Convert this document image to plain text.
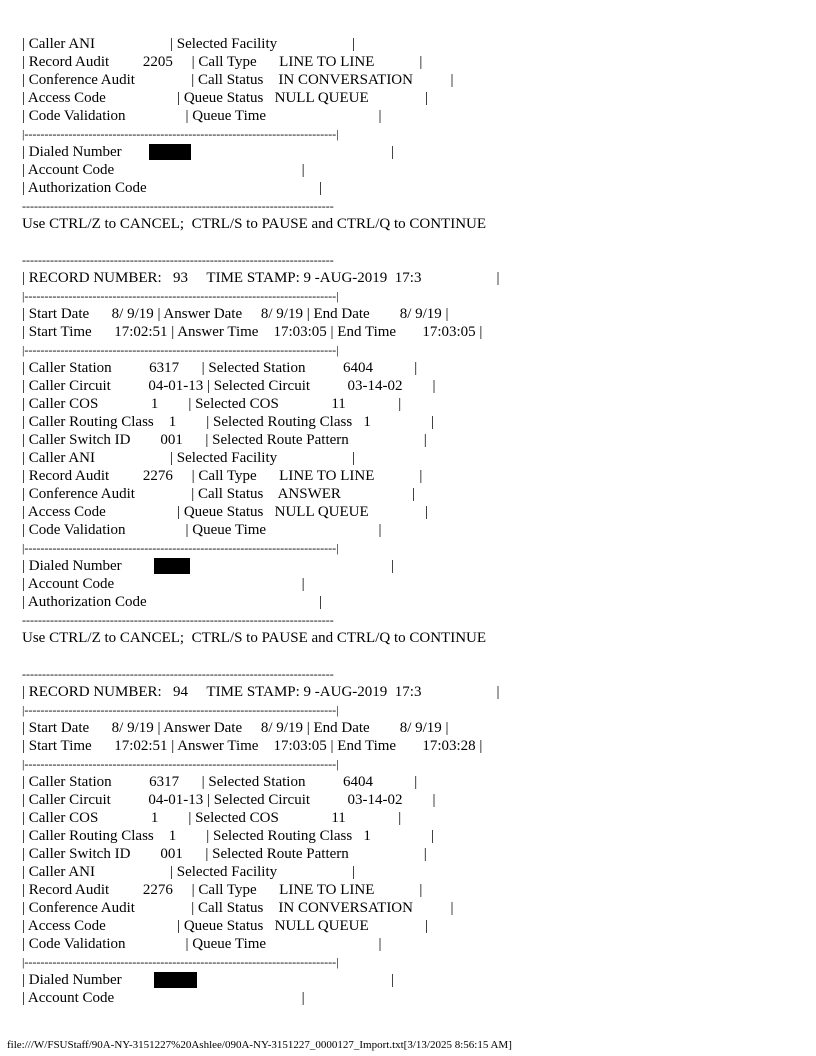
| Caller ANI                    | Selected Facility                    |
| Record Audit         2205     | Call Type      LINE TO LINE            |
| Conference Audit               | Call Status    IN CONVERSATION          |
| Access Code                   | Queue Status   NULL QUEUE               |
| Code Validation                | Queue Time                              |
|------------------------------------------------------------------------------|
| Dialed Number	|
| Account Code                                                  |
| Authorization Code                                              |
------------------------------------------------------------------------------
Use CTRL/Z to CANCEL;  CTRL/S to PAUSE and CTRL/Q to CONTINUE
------------------------------------------------------------------------------
| RECORD NUMBER:   93     TIME STAMP: 9 -AUG-2019  17:3                    |
|------------------------------------------------------------------------------|
| Start Date      8/ 9/19 | Answer Date     8/ 9/19 | End Date        8/ 9/19 |
| Start Time      17:02:51 | Answer Time    17:03:05 | End Time       17:03:05 |
|------------------------------------------------------------------------------|
| Caller Station          6317      | Selected Station          6404           |
| Caller Circuit          04-01-13 | Selected Circuit          03-14-02        |
| Caller COS              1        | Selected COS              11              |
| Caller Routing Class    1        | Selected Routing Class   1                |
| Caller Switch ID        001      | Selected Route Pattern                    |
| Caller ANI                    | Selected Facility                    |
| Record Audit         2276     | Call Type      LINE TO LINE            |
| Conference Audit               | Call Status    ANSWER                   |
| Access Code                   | Queue Status   NULL QUEUE               |
| Code Validation                | Queue Time                              |
|------------------------------------------------------------------------------|
| Dialed Number	|
| Account Code                                                  |
| Authorization Code                                              |
------------------------------------------------------------------------------
Use CTRL/Z to CANCEL;  CTRL/S to PAUSE and CTRL/Q to CONTINUE
------------------------------------------------------------------------------
| RECORD NUMBER:   94     TIME STAMP: 9 -AUG-2019  17:3                    |
|------------------------------------------------------------------------------|
| Start Date      8/ 9/19 | Answer Date     8/ 9/19 | End Date        8/ 9/19 |
| Start Time      17:02:51 | Answer Time    17:03:05 | End Time       17:03:28 |
|------------------------------------------------------------------------------|
| Caller Station          6317      | Selected Station          6404           |
| Caller Circuit          04-01-13 | Selected Circuit          03-14-02        |
| Caller COS              1        | Selected COS              11              |
| Caller Routing Class    1        | Selected Routing Class   1                |
| Caller Switch ID        001      | Selected Route Pattern                    |
| Caller ANI                    | Selected Facility                    |
| Record Audit         2276     | Call Type      LINE TO LINE            |
| Conference Audit               | Call Status    IN CONVERSATION          |
| Access Code                   | Queue Status   NULL QUEUE               |
| Code Validation                | Queue Time                              |
|------------------------------------------------------------------------------|
| Dialed Number	|
| Account Code                                                  |
file:///W/FSUStaff/90A-NY-3151227%20Ashlee/090A-NY-3151227_0000127_Import.txt[3/13/2025 8:56:15 AM]
